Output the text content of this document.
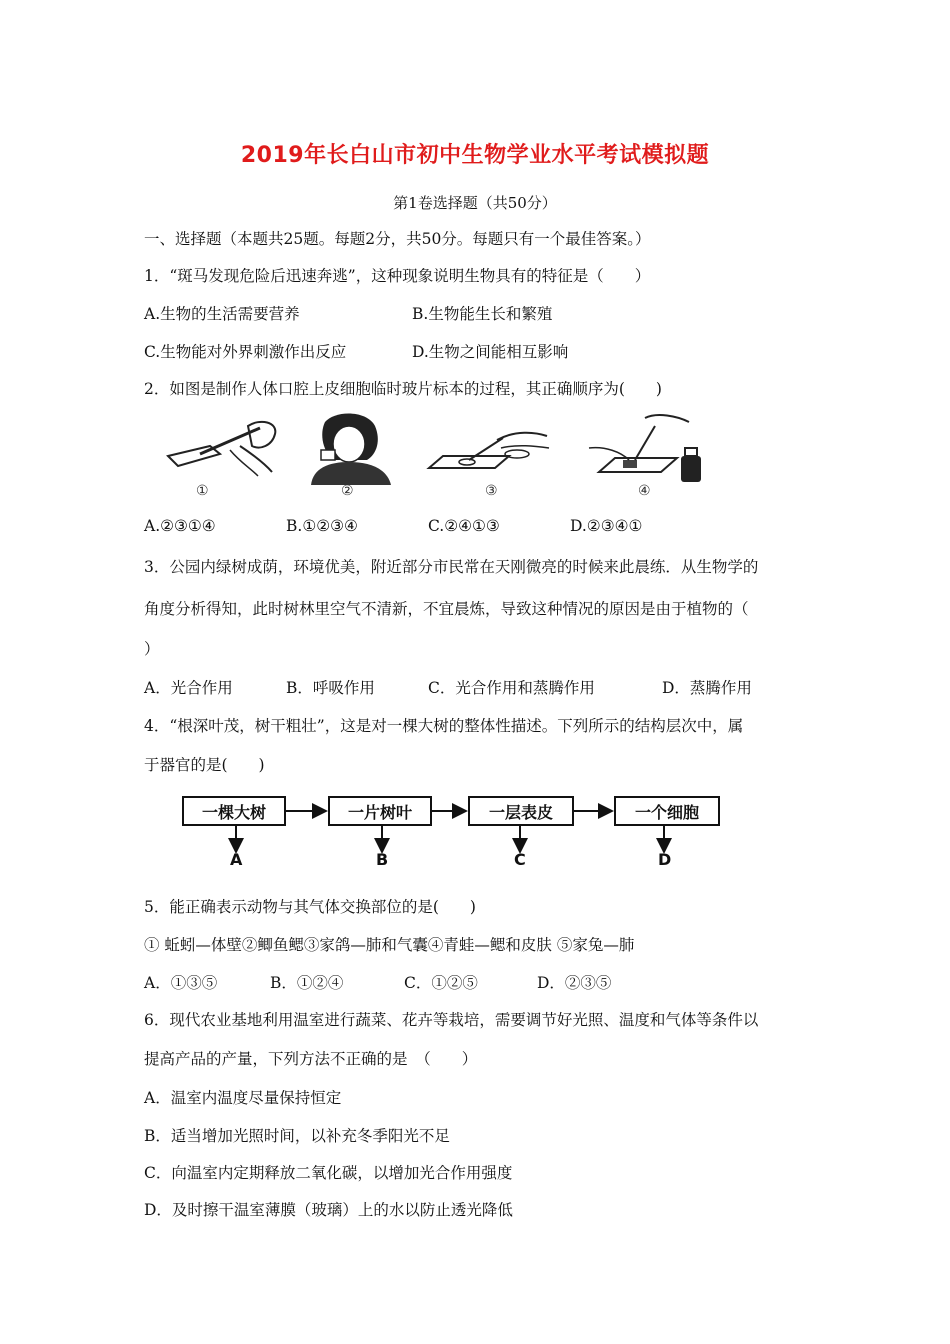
2019年长白山市初中生物学业水平考试模拟题
第1卷选择题（共50分）
一、选择题（本题共25题。每题2分，共50分。每题只有一个最佳答案。）
1．“斑马发现危险后迅速奔逃”，这种现象说明生物具有的特征是（　　）
A.生物的生活需要营养	B.生物能生长和繁殖
C.生物能对外界刺激作出反应	D.生物之间能相互影响
2．如图是制作人体口腔上皮细胞临时玻片标本的过程，其正确顺序为(　　)
①	②	③	④
A.②③①④	B.①②③④	C.②④①③	D.②③④①
3．公园内绿树成荫，环境优美，附近部分市民常在天刚微亮的时候来此晨练．从生物学的
角度分析得知，此时树林里空气不清新，不宜晨炼，导致这种情况的原因是由于植物的（
）
A．光合作用	B．呼吸作用	C．光合作用和蒸腾作用	D．蒸腾作用
4．“根深叶茂，树干粗壮”，这是对一棵大树的整体性描述。下列所示的结构层次中，属
于器官的是(　　)
一棵大树	一片树叶	一层表皮	一个细胞
A	B	C	D
5．能正确表示动物与其气体交换部位的是(　　)
① 蚯蚓—体壁②鲫鱼鳃③家鸽—肺和气囊④青蛙—鳃和皮肤 ⑤家兔—肺
A．①③⑤	B．①②④	C．①②⑤	D．②③⑤
6．现代农业基地利用温室进行蔬菜、花卉等栽培，需要调节好光照、温度和气体等条件以
提高产品的产量，下列方法不正确的是　（　　）
A．温室内温度尽量保持恒定
B．适当增加光照时间，以补充冬季阳光不足
C．向温室内定期释放二氧化碳，以增加光合作用强度
D．及时擦干温室薄膜（玻璃）上的水以防止透光降低
